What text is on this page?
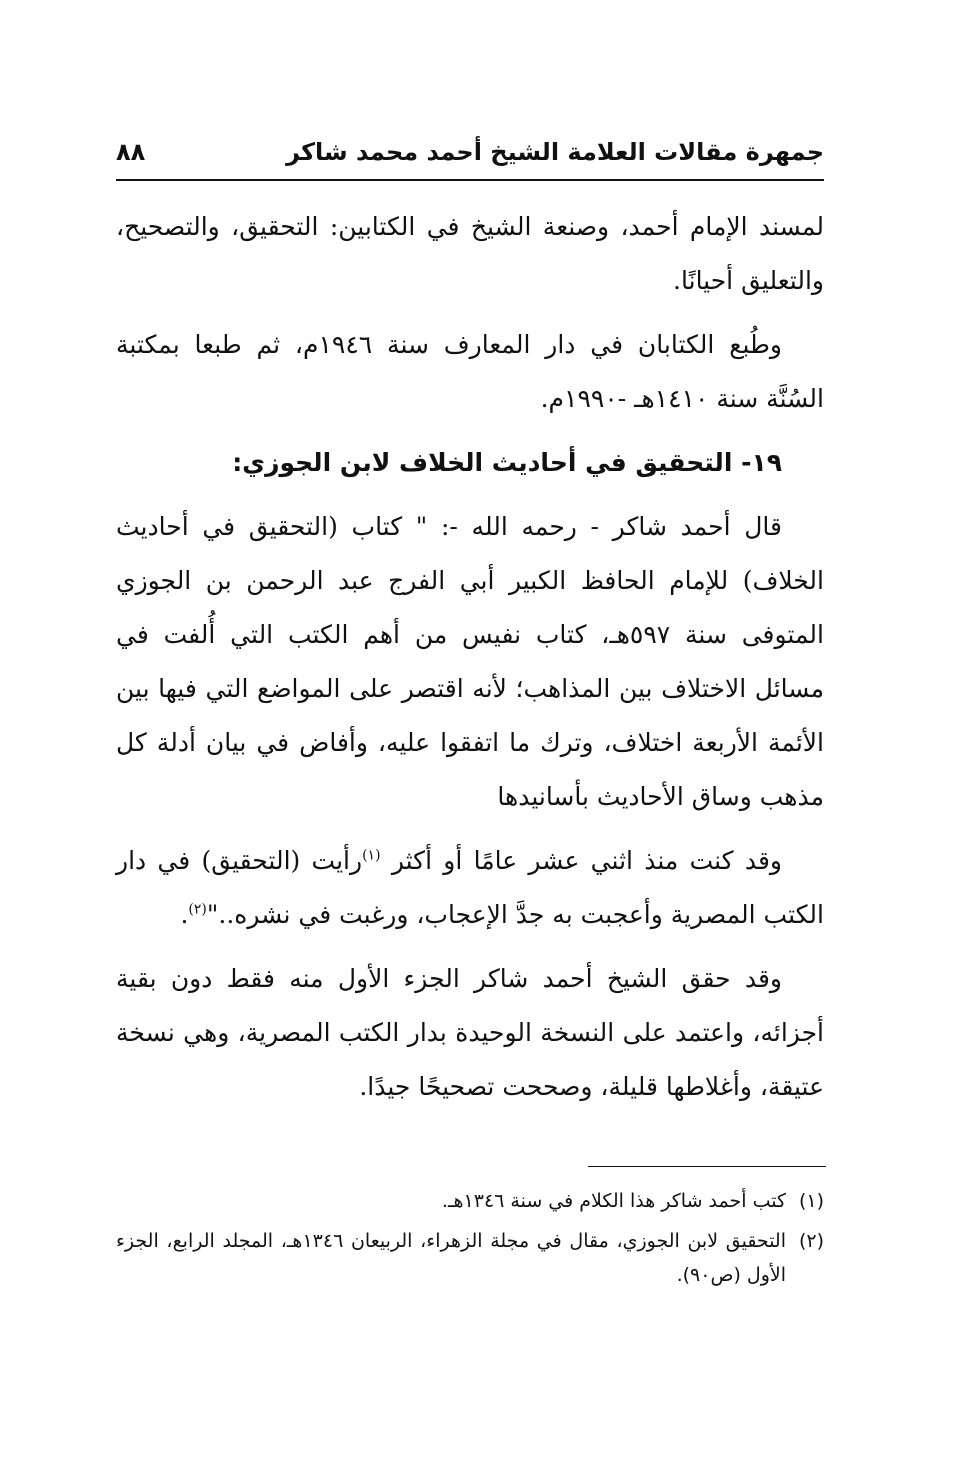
جمهرة مقالات العلامة الشيخ أحمد محمد شاكر
٨٨

لمسند الإمام أحمد، وصنعة الشيخ في الكتابين: التحقيق، والتصحيح، والتعليق أحيانًا.

وطُبع الكتابان في دار المعارف سنة ١٩٤٦م، ثم طبعا بمكتبة السُنَّة سنة ١٤١٠هـ -١٩٩٠م.

١٩- التحقيق في أحاديث الخلاف لابن الجوزي:

قال أحمد شاكر - رحمه الله -: " كتاب (التحقيق في أحاديث الخلاف) للإمام الحافظ الكبير أبي الفرج عبد الرحمن بن الجوزي المتوفى سنة ٥٩٧هـ، كتاب نفيس من أهم الكتب التي أُلفت في مسائل الاختلاف بين المذاهب؛ لأنه اقتصر على المواضع التي فيها بين الأئمة الأربعة اختلاف، وترك ما اتفقوا عليه، وأفاض في بيان أدلة كل مذهب وساق الأحاديث بأسانيدها

وقد كنت منذ اثني عشر عامًا أو أكثر $^{(١)}$رأيت (التحقيق) في دار الكتب المصرية وأعجبت به جدَّ الإعجاب، ورغبت في نشره.."$^{(٢)}$.

وقد حقق الشيخ أحمد شاكر الجزء الأول منه فقط دون بقية أجزائه، واعتمد على النسخة الوحيدة بدار الكتب المصرية، وهي نسخة عتيقة، وأغلاطها قليلة، وصححت تصحيحًا جيدًا.

(١)كتب أحمد شاكر هذا الكلام في سنة ١٣٤٦هـ.

(٢)التحقيق لابن الجوزي، مقال في مجلة الزهراء، الربيعان ١٣٤٦هـ، المجلد الرابع، الجزء الأول (ص٩٠).
